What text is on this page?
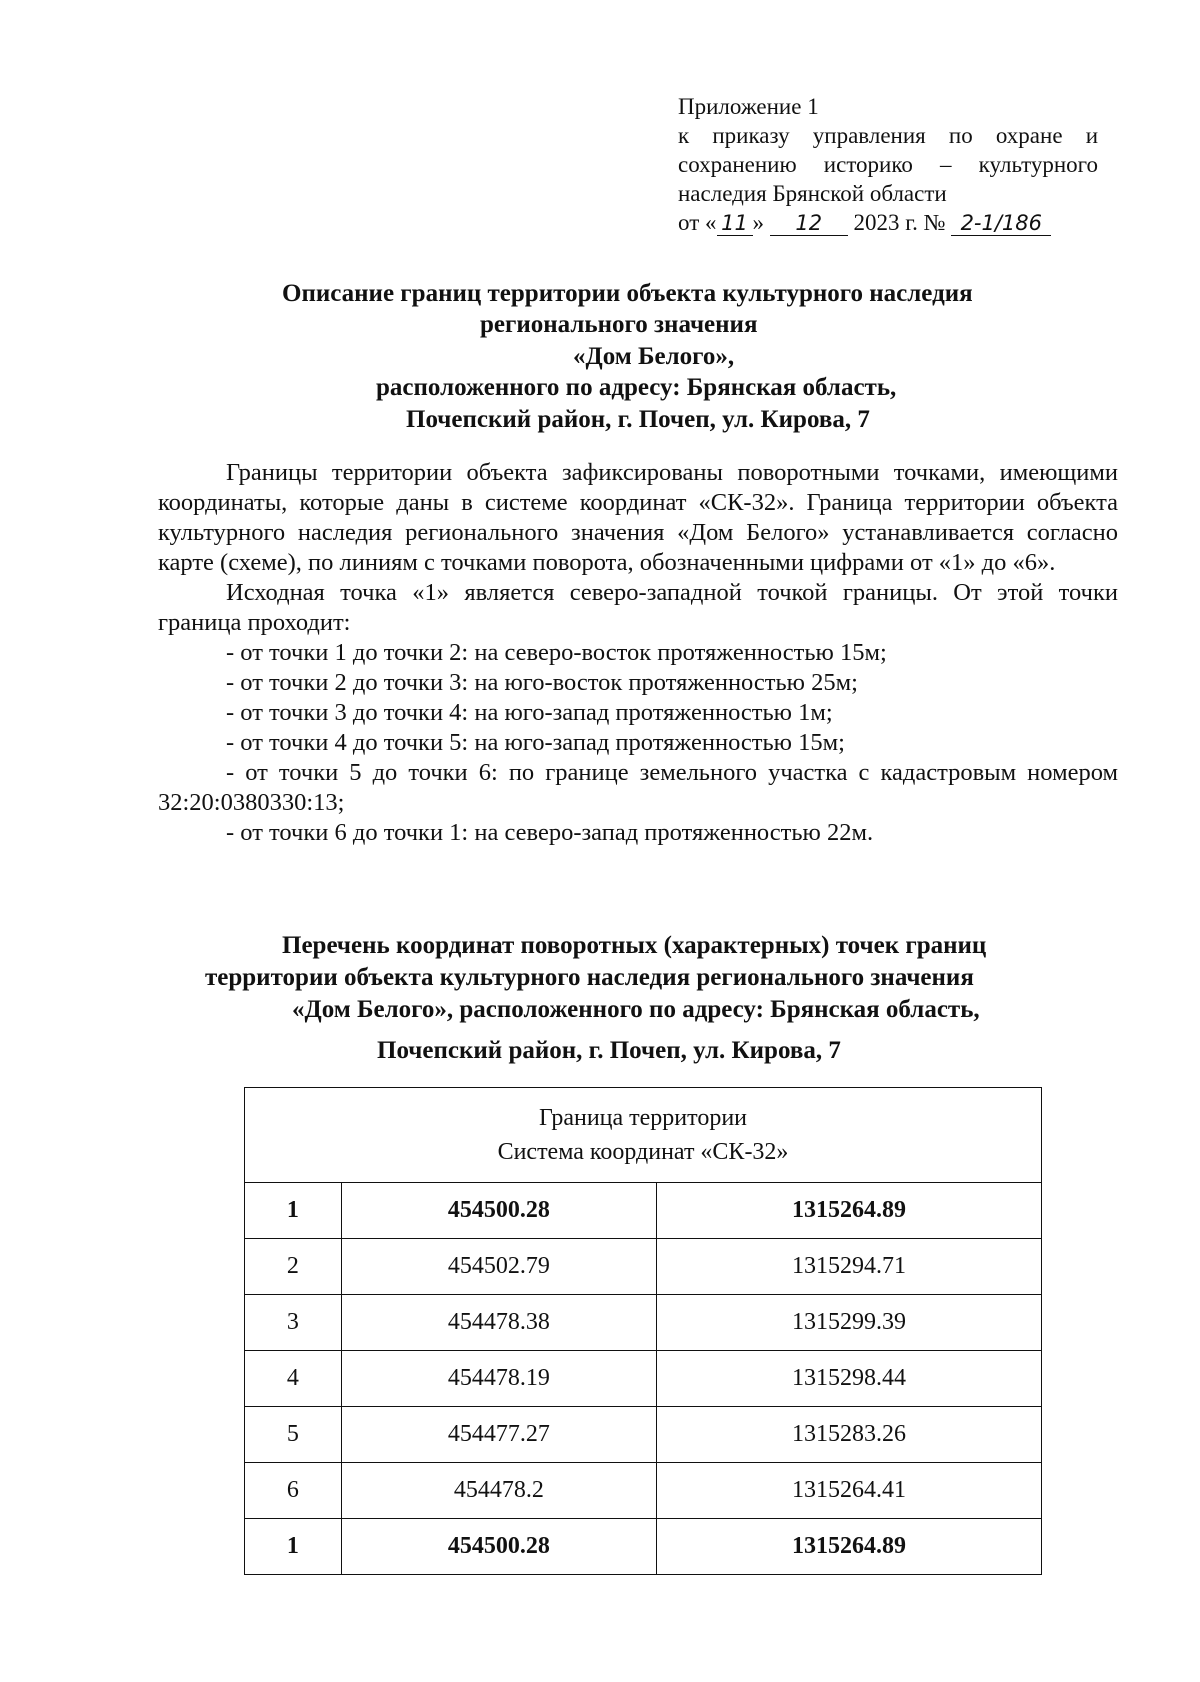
Приложение 1
к приказу управления по охране и
сохранению историко – культурного
наследия Брянской области
от « 11 » 12 2023 г. № 2-1/186
Описание границ территории объекта культурного наследия
регионального значения
«Дом Белого»,
расположенного по адресу: Брянская область,
Почепский район, г. Почеп, ул. Кирова, 7

Границы территории объекта зафиксированы поворотными точками, имеющими координаты, которые даны в системе координат «СК-32». Граница территории объекта культурного наследия регионального значения «Дом Белого» устанавливается согласно карте (схеме), по линиям с точками поворота, обозначенными цифрами от «1» до «6».

Исходная точка «1» является северо-западной точкой границы. От этой точки граница проходит:

- от точки 1 до точки 2: на северо-восток протяженностью 15м;

- от точки 2 до точки 3: на юго-восток протяженностью 25м;

- от точки 3 до точки 4: на юго-запад протяженностью 1м;

- от точки 4 до точки 5: на юго-запад протяженностью 15м;

- от точки 5 до точки 6: по границе земельного участка с кадастровым номером 32:20:0380330:13;

- от точки 6 до точки 1: на северо-запад протяженностью 22м.

Перечень координат поворотных (характерных) точек границ
территории объекта культурного наследия регионального значения
«Дом Белого», расположенного по адресу: Брянская область,
Почепский район, г. Почеп, ул. Кирова, 7
Граница территории
Система координат «СК-32»		

1	454500.28	1315264.89
2	454502.79	1315294.71
3	454478.38	1315299.39
4	454478.19	1315298.44
5	454477.27	1315283.26
6	454478.2	1315264.41
1	454500.28	1315264.89
